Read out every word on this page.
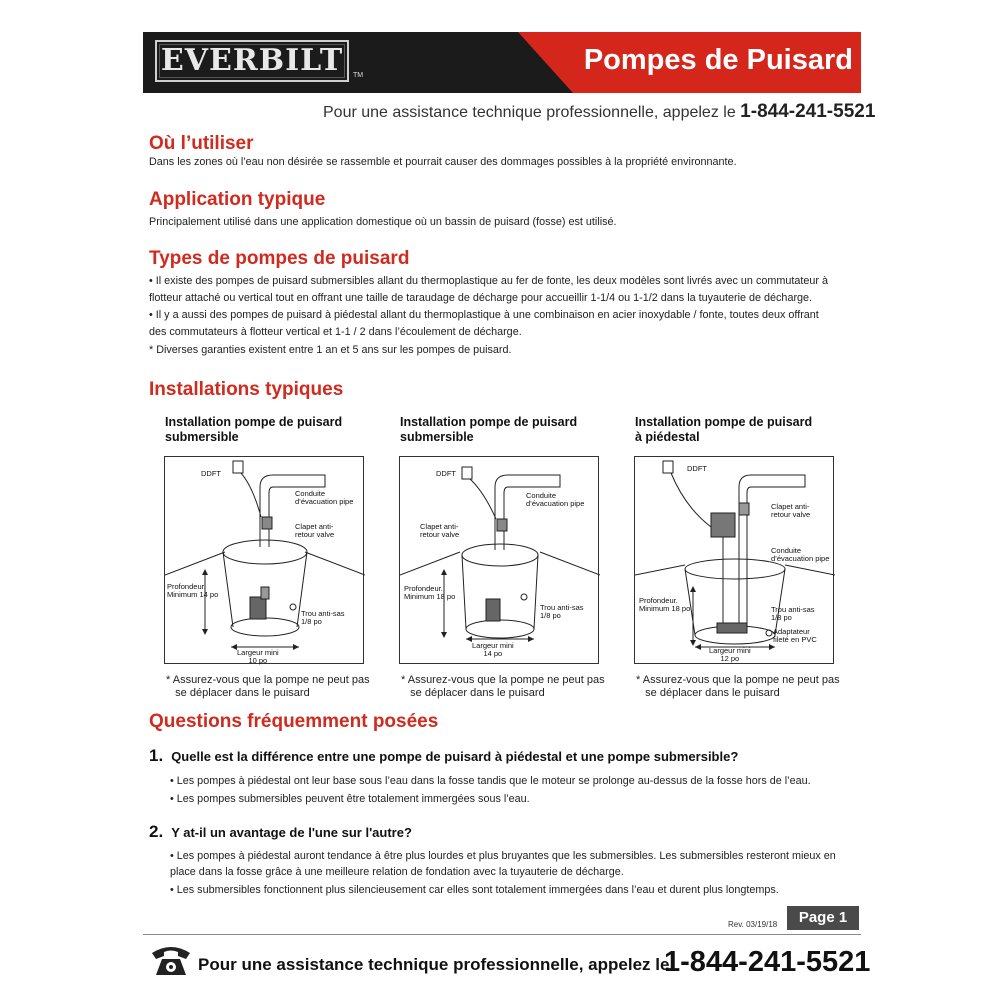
EVERBILT	TM	Pompes de Puisard
Pour une assistance technique professionnelle, appelez le 1-844-241-5521
Où l’utiliser

Dans les zones où l’eau non désirée se rassemble et pourrait causer des dommages possibles à la propriété environnante.

Application typique

Principalement utilisé dans une application domestique où un bassin de puisard (fosse) est utilisé.

Types de pompes de puisard
• Il existe des pompes de puisard submersibles allant du thermoplastique au fer de fonte, les deux modèles sont livrés avec un commutateur à flotteur attaché ou vertical tout en offrant une taille de taraudage de décharge pour accueillir 1-1/4 ou 1-1/2 dans la tuyauterie de décharge.
• Il y a aussi des pompes de puisard à piédestal allant du thermoplastique à une combinaison en acier inoxydable / fonte, toutes deux offrant des commutateurs à flotteur vertical et 1-1 / 2 dans l’écoulement de décharge.
* Diverses garanties existent entre 1 an et 5 ans sur les pompes de puisard.
Installations typiques
Installation pompe de puisard submersible
DDFT
Conduite
d’évacuation pipe
Clapet anti-
retour valve
Profondeur.
Minimum 14 po
Trou anti-sas
1/8 po
Largeur mini
10 po
* Assurez-vous que la pompe ne peut pas
se déplacer dans le puisard
Installation pompe de puisard submersible
DDFT
Conduite
d’évacuation pipe
Clapet anti-
retour valve
Profondeur.
Minimum 18 po
Trou anti-sas
1/8 po
Largeur mini
14 po
* Assurez-vous que la pompe ne peut pas
se déplacer dans le puisard
Installation pompe de puisard à piédestal
DDFT
Clapet anti-
retour valve
Conduite
d’évacuation pipe
Profondeur.
Minimum 18 po	Trou anti-sas
1/8 po
Adaptateur
fileté en PVC
Largeur mini
12 po
* Assurez-vous que la pompe ne peut pas
se déplacer dans le puisard
Questions fréquemment posées
1. Quelle est la différence entre une pompe de puisard à piédestal et une pompe submersible?
• Les pompes à piédestal ont leur base sous l’eau dans la fosse tandis que le moteur se prolonge au-dessus de la fosse hors de l’eau.
• Les pompes submersibles peuvent être totalement immergées sous l’eau.
2. Y at-il un avantage de l'une sur l'autre?
• Les pompes à piédestal auront tendance à être plus lourdes et plus bruyantes que les submersibles. Les submersibles resteront mieux en place dans la fosse grâce à une meilleure relation de fondation avec la tuyauterie de décharge.
• Les submersibles fonctionnent plus silencieusement car elles sont totalement immergées dans l’eau et durent plus longtemps.
Rev. 03/19/18	Page 1
Pour une assistance technique professionnelle, appelez le
1-844-241-5521
